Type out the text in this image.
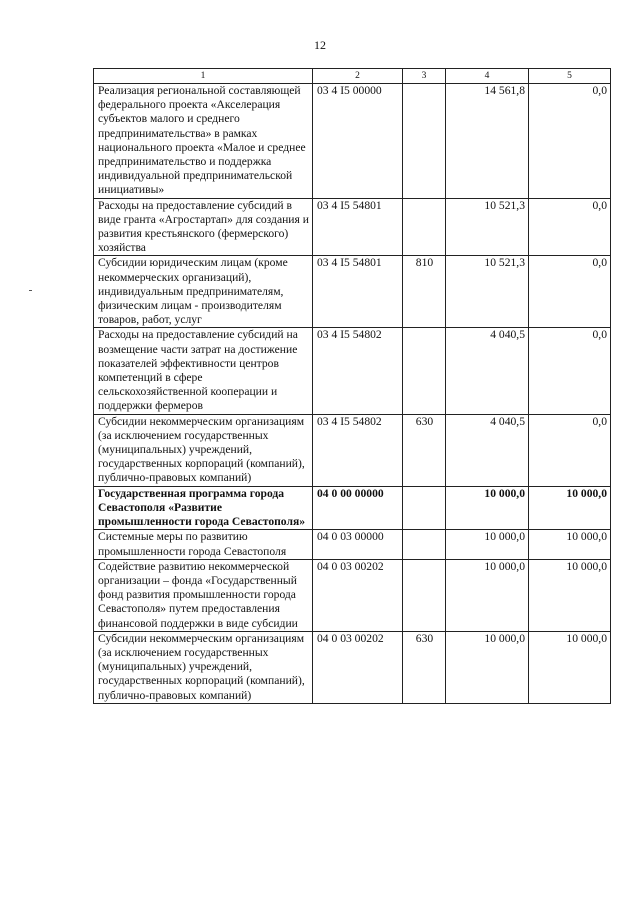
12
1	2	3	4	5
Реализация региональной составляющей федерального проекта «Акселерация субъектов малого и среднего предпринимательства» в рамках национального проекта «Малое и среднее предпринимательство и поддержка индивидуальной предпринимательской инициативы»	03 4 I5 00000		14 561,8	0,0
Расходы на предоставление субсидий в виде гранта «Агростартап» для создания и развития крестьянского (фермерского) хозяйства	03 4 I5 54801		10 521,3	0,0
Субсидии юридическим лицам (кроме некоммерческих организаций), индивидуальным предпринимателям, физическим лицам - производителям товаров, работ, услуг	03 4 I5 54801	810	10 521,3	0,0
Расходы на предоставление субсидий на возмещение части затрат на достижение показателей эффективности центров компетенций в сфере сельскохозяйственной кооперации и поддержки фермеров	03 4 I5 54802		4 040,5	0,0
Субсидии некоммерческим организациям (за исключением государственных (муниципальных) учреждений, государственных корпораций (компаний), публично-правовых компаний)	03 4 I5 54802	630	4 040,5	0,0
Государственная программа города Севастополя «Развитие промышленности города Севастополя»	04 0 00 00000		10 000,0	10 000,0
Системные меры по развитию промышленности города Севастополя	04 0 03 00000		10 000,0	10 000,0
Содействие развитию некоммерческой организации – фонда «Государственный фонд развития промышленности города Севастополя» путем предоставления финансовой поддержки в виде субсидии	04 0 03 00202		10 000,0	10 000,0
Субсидии некоммерческим организациям (за исключением государственных (муниципальных) учреждений, государственных корпораций (компаний), публично-правовых компаний)	04 0 03 00202	630	10 000,0	10 000,0
